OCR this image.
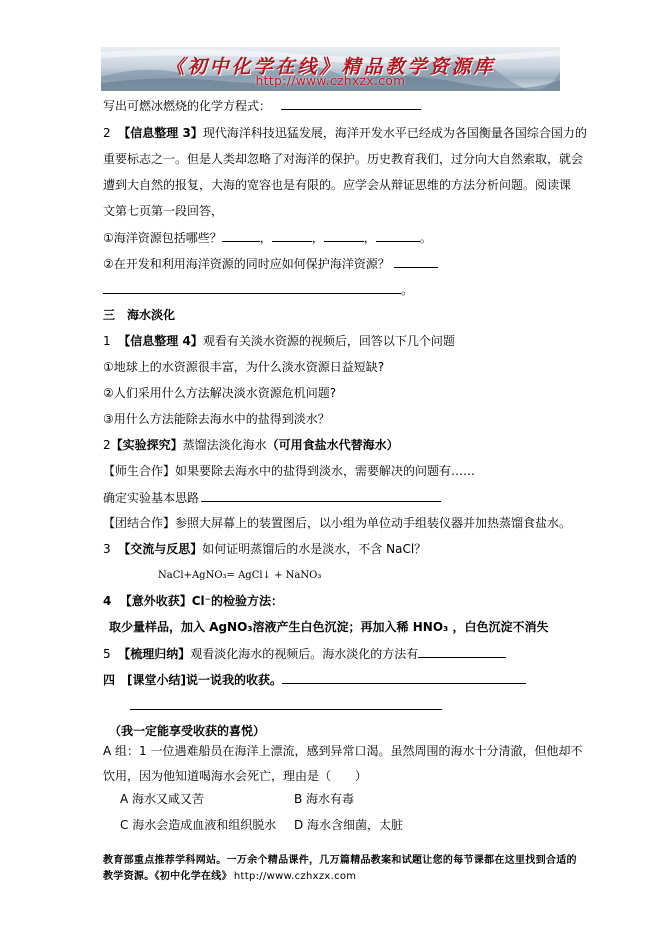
《初中化学在线》精品教学资源库
http://www.czhxzx.com
写出可燃冰燃烧的化学方程式：
2 【信息整理 3】现代海洋科技迅猛发展，海洋开发水平已经成为各国衡量各国综合国力的
重要标志之一。但是人类却忽略了对海洋的保护。历史教育我们，过分向大自然索取，就会
遭到大自然的报复，大海的宽容也是有限的。应学会从辩证思维的方法分析问题。阅读课
文第七页第一段回答，
①海洋资源包括哪些？	，	，	，	。
②在开发和利用海洋资源的同时应如何保护海洋资源？
。
三　海水淡化
1 【信息整理 4】观看有关淡水资源的视频后，回答以下几个问题
①地球上的水资源很丰富，为什么淡水资源日益短缺?
②人们采用什么方法解决淡水资源危机问题?
③用什么方法能除去海水中的盐得到淡水？
2【实验探究】蒸馏法淡化海水（可用食盐水代替海水）
【师生合作】如果要除去海水中的盐得到淡水，需要解决的问题有……
确定实验基本思路
【团结合作】参照大屏幕上的装置图后，以小组为单位动手组装仪器并加热蒸馏食盐水。
3 【交流与反思】如何证明蒸馏后的水是淡水，不含 NaCl？
NaCl+AgNO₃= AgCl↓ + NaNO₃
4 【意外收获】Cl⁻的检验方法：
取少量样品，加入 AgNO₃溶液产生白色沉淀；再加入稀 HNO₃ ，白色沉淀不消失
5 【梳理归纳】观看淡化海水的视频后。海水淡化的方法有
四　[课堂小结]说一说我的收获。
（我一定能享受收获的喜悦）
A 组：1 一位遇难船员在海洋上漂流，感到异常口渴。虽然周围的海水十分清澈，但他却不
饮用，因为他知道喝海水会死亡，理由是（　　）
A 海水又咸又苦	B 海水有毒
C 海水会造成血液和组织脱水 D 海水含细菌，太脏
教育部重点推荐学科网站。一万余个精品课件，几万篇精品教案和试题让您的每节课都在这里找到合适的
教学资源。《初中化学在线》 http://www.czhxzx.com
